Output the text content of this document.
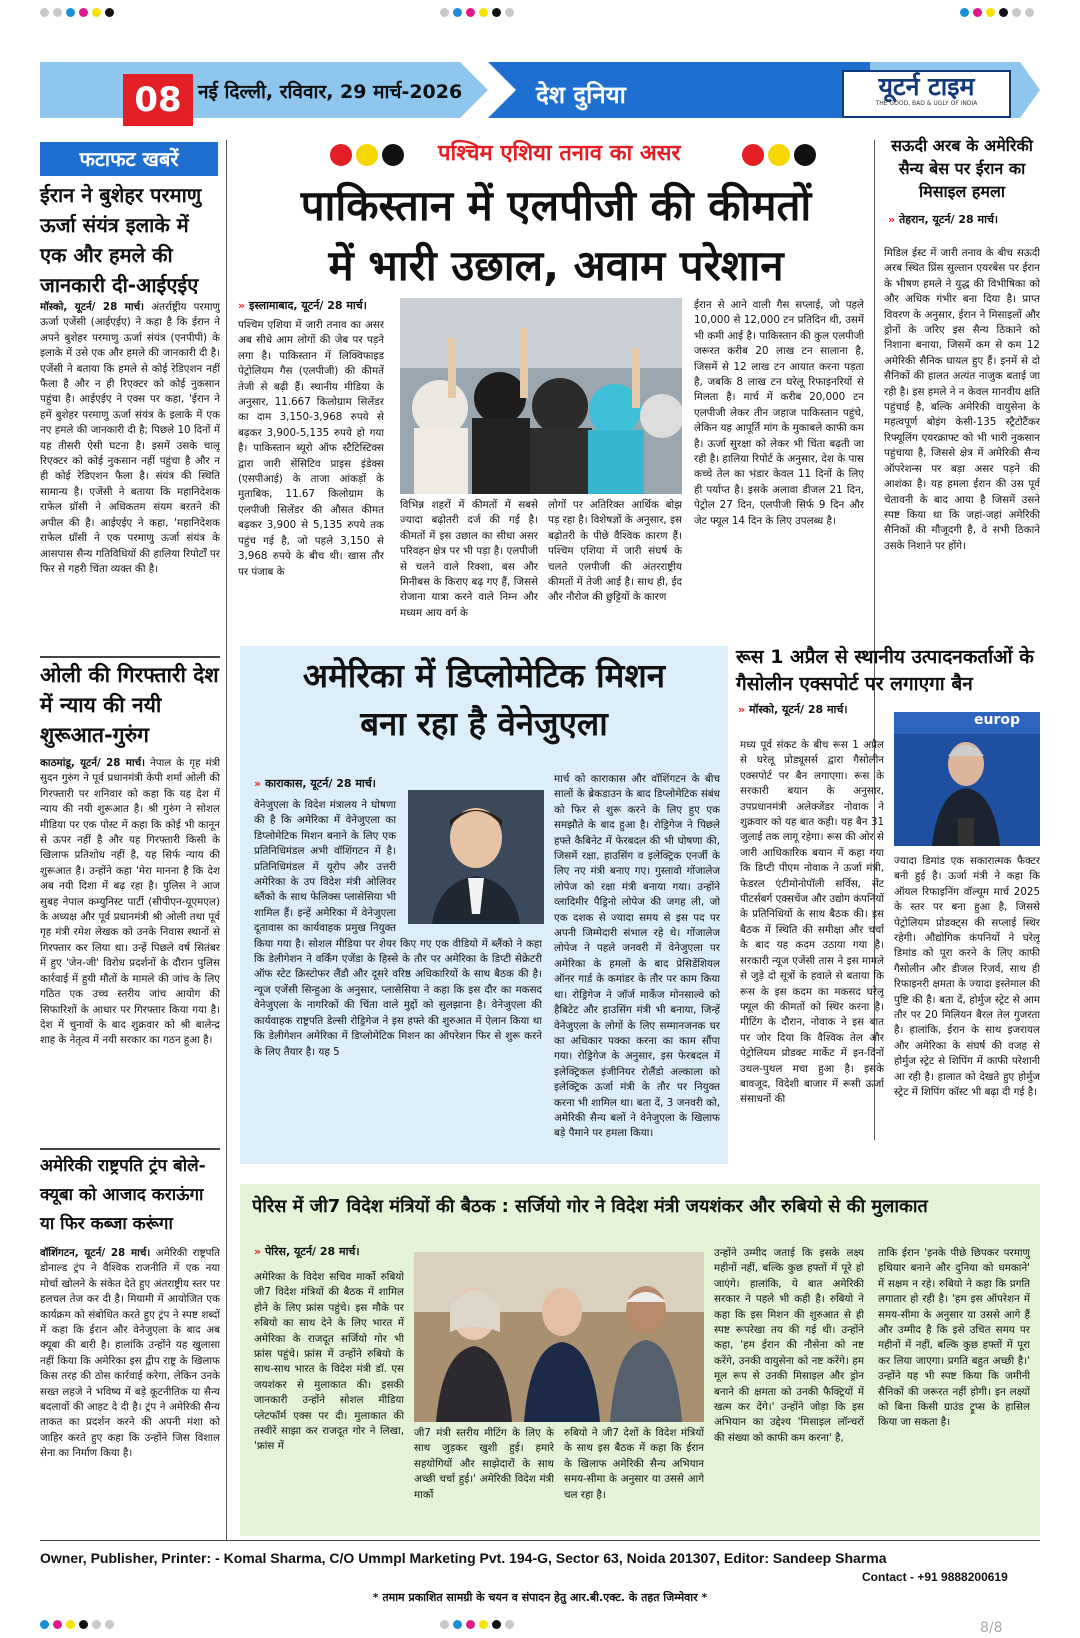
08 नई दिल्ली, रविवार, 29 मार्च-2026	देश दुनिया	यूटर्न टाइम
THE GOOD, BAD & UGLY OF INDIA
फटाफट खबरें
ईरान ने बुशेहर परमाणु ऊर्जा संयंत्र इलाके में एक और हमले की जानकारी दी-आईएईए
मॉस्को, यूटर्न/ 28 मार्च। अंतर्राष्ट्रीय परमाणु ऊर्जा एजेंसी (आईएईए) ने कहा है कि ईरान ने अपने बुशेहर परमाणु ऊर्जा संयंत्र (एनपीपी) के इलाके में उसे एक और हमले की जानकारी दी है। एजेंसी ने बताया कि हमले से कोई रेडिएशन नहीं फैला है और न ही रिएक्टर को कोई नुकसान पहुंचा है। आईएईए ने एक्स पर कहा, 'ईरान ने हमें बुशेहर परमाणु ऊर्जा संयंत्र के इलाके में एक नए हमले की जानकारी दी है; पिछले 10 दिनों में यह तीसरी ऐसी घटना है। इसमें उसके चालू रिएक्टर को कोई नुकसान नहीं पहुंचा है और न ही कोई रेडिएशन फैला है। संयंत्र की स्थिति सामान्य है। एजेंसी ने बताया कि महानिदेशक राफेल ग्रॉसी ने अधिकतम संयम बरतने की अपील की है। आईएईए ने कहा, 'महानिदेशक राफेल ग्रॉसी ने एक परमाणु ऊर्जा संयंत्र के आसपास सैन्य गतिविधियों की हालिया रिपोर्टों पर फिर से गहरी चिंता व्यक्त की है।
ओली की गिरफ्तारी देश में न्याय की नयी शुरूआत-गुरुंग
काठमांडू, यूटर्न/ 28 मार्च। नेपाल के गृह मंत्री सुदन गुरुंग ने पूर्व प्रधानमंत्री केपी शर्मा ओली की गिरफ्तारी पर शनिवार को कहा कि यह देश में न्याय की नयी शुरूआत है। श्री गुरुंग ने सोशल मीडिया पर एक पोस्ट में कहा कि कोई भी कानून से ऊपर नहीं है और यह गिरफ्तारी किसी के खिलाफ प्रतिशोध नहीं है, यह सिर्फ न्याय की शुरूआत है। उन्होंने कहा 'मेरा मानना है कि देश अब नयी दिशा में बढ़ रहा है। पुलिस ने आज सुबह नेपाल कम्युनिस्ट पार्टी (सीपीएन-यूएमएल) के अध्यक्ष और पूर्व प्रधानमंत्री श्री ओली तथा पूर्व गृह मंत्री रमेश लेखक को उनके निवास स्थानों से गिरफ्तार कर लिया था। उन्हें पिछले वर्ष सितंबर में हुए 'जेन-जी' विरोध प्रदर्शनों के दौरान पुलिस कार्रवाई में हुयी मौतों के मामले की जांच के लिए गठित एक उच्च स्तरीय जांच आयोग की सिफारिशों के आधार पर गिरफ्तार किया गया है। देश में चुनावों के बाद शुक्रवार को श्री बालेन्द्र शाह के नेतृत्व में नयी सरकार का गठन हुआ है।
अमेरिकी राष्ट्रपति ट्रंप बोले-क्यूबा को आजाद कराऊंगा या फिर कब्जा करूंगा
वॉशिंगटन, यूटर्न/ 28 मार्च। अमेरिकी राष्ट्रपति डोनाल्ड ट्रंप ने वैश्विक राजनीति में एक नया मोर्चा खोलने के संकेत देते हुए अंतराष्ट्रीय स्तर पर हलचल तेज कर दी है। मियामी में आयोजित एक कार्यक्रम को संबोधित करते हुए ट्रंप ने स्पष्ट शब्दों में कहा कि ईरान और वेनेजुएला के बाद अब क्यूबा की बारी है। हालांकि उन्होंने यह खुलासा नहीं किया कि अमेरिका इस द्वीप राष्ट्र के खिलाफ किस तरह की ठोस कार्रवाई करेगा, लेकिन उनके सख्त लहजे ने भविष्य में बड़े कूटनीतिक या सैन्य बदलावों की आहट दे दी है। ट्रंप ने अमेरिकी सैन्य ताकत का प्रदर्शन करने की अपनी मंशा को जाहिर करते हुए कहा कि उन्होंने जिस विशाल सेना का निर्माण किया है।
पश्चिम एशिया तनाव का असर
पाकिस्तान में एलपीजी की कीमतों
में भारी उछाल, अवाम परेशान
» इस्लामाबाद, यूटर्न/ 28 मार्च।
पश्चिम एशिया में जारी तनाव का असर अब सीधे आम लोगों की जेब पर पड़ने लगा है। पाकिस्तान में लिक्विफाइड पेट्रोलियम गैस (एलपीजी) की कीमतें तेजी से बढ़ी हैं। स्थानीय मीडिया के अनुसार, 11.667 किलोग्राम सिलेंडर का दाम 3,150-3,968 रुपये से बढ़कर 3,900-5,135 रुपये हो गया है। पाकिस्तान ब्यूरो ऑफ स्टैटिस्टिक्स द्वारा जारी सेंसिटिव प्राइस इंडेक्स (एसपीआई) के ताजा आंकड़ों के मुताबिक, 11.67 किलोग्राम के एलपीजी सिलेंडर की औसत कीमत बढ़कर 3,900 से 5,135 रुपये तक पहुंच गई है, जो पहले 3,150 से 3,968 रुपये के बीच थी। खास तौर पर पंजाब के
विभिन्न शहरों में कीमतों में सबसे ज्यादा बढ़ोतरी दर्ज की गई है। कीमतों में इस उछाल का सीधा असर परिवहन क्षेत्र पर भी पड़ा है। एलपीजी से चलने वाले रिक्शा, बस और मिनीबस के किराए बढ़ गए हैं, जिससे रोजाना यात्रा करने वाले निम्न और मध्यम आय वर्ग के
लोगों पर अतिरिक्त आर्थिक बोझ पड़ रहा है। विशेषज्ञों के अनुसार, इस बढ़ोतरी के पीछे वैश्विक कारण हैं। पश्चिम एशिया में जारी संघर्ष के चलते एलपीजी की अंतरराष्ट्रीय कीमतों में तेजी आई है। साथ ही, ईद और नौरोज की छुट्टियों के कारण
ईरान से आने वाली गैस सप्लाई, जो पहले 10,000 से 12,000 टन प्रतिदिन थी, उसमें भी कमी आई है। पाकिस्तान की कुल एलपीजी जरूरत करीब 20 लाख टन सालाना है, जिसमें से 12 लाख टन आयात करना पड़ता है, जबकि 8 लाख टन घरेलू रिफाइनरियों से मिलता है। मार्च में करीब 20,000 टन एलपीजी लेकर तीन जहाज पाकिस्तान पहुंचे, लेकिन यह आपूर्ति मांग के मुकाबले काफी कम है। ऊर्जा सुरक्षा को लेकर भी चिंता बढ़ती जा रही है। हालिया रिपोर्ट के अनुसार, देश के पास कच्चे तेल का भंडार केवल 11 दिनों के लिए ही पर्याप्त है। इसके अलावा डीजल 21 दिन, पेट्रोल 27 दिन, एलपीजी सिर्फ 9 दिन और जेट फ्यूल 14 दिन के लिए उपलब्ध है।
सऊदी अरब के अमेरिकी सैन्य बेस पर ईरान का मिसाइल हमला
» तेहरान, यूटर्न/ 28 मार्च।
मिडिल ईस्ट में जारी तनाव के बीच सऊदी अरब स्थित प्रिंस सुल्तान एयरबेस पर ईरान के भीषण हमले ने युद्ध की विभीषिका को और अधिक गंभीर बना दिया है। प्राप्त विवरण के अनुसार, ईरान ने मिसाइलों और ड्रोनों के जरिए इस सैन्य ठिकाने को निशाना बनाया, जिसमें कम से कम 12 अमेरिकी सैनिक घायल हुए हैं। इनमें से दो सैनिकों की हालत अत्यंत नाजुक बताई जा रही है। इस हमले ने न केवल मानवीय क्षति पहुंचाई है, बल्कि अमेरिकी वायुसेना के महत्वपूर्ण बोइंग केसी-135 स्ट्रैटोटैंकर रिफ्यूलिंग एयरक्राफ्ट को भी भारी नुकसान पहुंचाया है, जिससे क्षेत्र में अमेरिकी सैन्य ऑपरेशन्स पर बड़ा असर पड़ने की आशंका है। यह हमला ईरान की उस पूर्व चेतावनी के बाद आया है जिसमें उसने स्पष्ट किया था कि जहां-जहां अमेरिकी सैनिकों की मौजूदगी है, वे सभी ठिकाने उसके निशाने पर होंगे।
अमेरिका में डिप्लोमेटिक मिशन
बना रहा है वेनेजुएला
» काराकास, यूटर्न/ 28 मार्च।
वेनेजुएला के विदेश मंत्रालय ने घोषणा की है कि अमेरिका में वेनेजुएला का डिप्लोमेटिक मिशन बनाने के लिए एक प्रतिनिधिमंडल अभी वॉशिंगटन में है। प्रतिनिधिमंडल में यूरोप और उत्तरी अमेरिका के उप विदेश मंत्री ओलिवर ब्लैंको के साथ फेलिक्स प्लासेसिया भी शामिल हैं। इन्हें अमेरिका में वेनेजुएला दूतावास का कार्यवाहक प्रमुख नियुक्त किया गया है। सोशल मीडिया पर शेयर किए गए एक वीडियो में ब्लैंको ने कहा कि डेलीगेशन ने वर्किंग एजेंडा के हिस्से के तौर पर अमेरिका के डिप्टी सेक्रेटरी ऑफ स्टेट क्रिस्टोफर लैंडौ और दूसरे वरिष्ठ अधिकारियों के साथ बैठक की है। न्यूज एजेंसी सिन्हुआ के अनुसार, प्लासेसिया ने कहा कि इस दौर का मकसद वेनेजुएला के नागरिकों की चिंता वाले मुद्दों को सुलझाना है। वेनेजुएला की कार्यवाहक राष्ट्रपति डेल्सी रोड्रिगेज ने इस हफ्ते की शुरुआत में ऐलान किया था कि डेलीगेशन अमेरिका में डिप्लोमेटिक मिशन का ऑपरेशन फिर से शुरू करने के लिए तैयार है। यह 5
मार्च को काराकास और वॉशिंगटन के बीच सालों के ब्रेकडाउन के बाद डिप्लोमेटिक संबंध को फिर से शुरू करने के लिए हुए एक समझौते के बाद हुआ है। रोड्रिगेज ने पिछले हफ्ते कैबिनेट में फेरबदल की भी घोषणा की, जिसमें रक्षा, हाउसिंग व इलेक्ट्रिक एनर्जी के लिए नए मंत्री बनाए गए। गुस्तावो गोंजालेज लोपेज को रक्षा मंत्री बनाया गया। उन्होंने व्लादिमीर पैड्रिनो लोपेज की जगह ली, जो एक दशक से ज्यादा समय से इस पद पर अपनी जिम्मेदारी संभाल रहे थे। गोंजालेज लोपेज ने पहले जनवरी में वेनेजुएला पर अमेरिका के हमलों के बाद प्रेसिडेंशियल ऑनर गार्ड के कमांडर के तौर पर काम किया था। रोड्रिगेज ने जॉर्ज मार्केज मोनसाल्वे को हैबिटेट और हाउसिंग मंत्री भी बनाया, जिन्हें वेनेजुएला के लोगों के लिए सम्मानजनक घर का अधिकार पक्का करना का काम सौंपा गया। रोड्रिगेज के अनुसार, इस फेरबदल में इलेक्ट्रिकल इंजीनियर रोलैंडो अल्काला को इलेक्ट्रिक ऊर्जा मंत्री के तौर पर नियुक्त करना भी शामिल था। बता दें, 3 जनवरी को, अमेरिकी सैन्य बलों ने वेनेजुएला के खिलाफ बड़े पैमाने पर हमला किया।
रूस 1 अप्रैल से स्थानीय उत्पादनकर्ताओं के गैसोलीन एक्सपोर्ट पर लगाएगा बैन
» मॉस्को, यूटर्न/ 28 मार्च।
europ
मध्य पूर्व संकट के बीच रूस 1 अप्रैल से घरेलू प्रोड्यूसर्स द्वारा गैसोलीन एक्सपोर्ट पर बैन लगाएगा। रूस के सरकारी बयान के अनुसार, उपप्रधानमंत्री अलेक्जेंडर नोवाक ने शुक्रवार को यह बात कही। यह बैन 31 जुलाई तक लागू रहेगा। रूस की ओर से जारी आधिकारिक बयान में कहा गया कि डिप्टी पीएम नोवाक ने ऊर्जा मंत्री, फेडरल एंटीमोनोपॉली सर्विस, सेंट पीटर्सबर्ग एक्सचेंज और उद्योग कंपनियों के प्रतिनिधियों के साथ बैठक की। इस बैठक में स्थिति की समीक्षा और चर्चा के बाद यह कदम उठाया गया है। सरकारी न्यूज एजेंसी तास ने इस मामले से जुड़े दो सूत्रों के हवाले से बताया कि रूस के इस कदम का मकसद घरेलू फ्यूल की कीमतों को स्थिर करना है। मीटिंग के दौरान, नोवाक ने इस बात पर जोर दिया कि वैश्विक तेल और पेट्रोलियम प्रोडक्ट मार्केट में इन-दिनों उथल-पुथल मचा हुआ है। इसके बावजूद, विदेशी बाजार में रूसी ऊर्जा संसाधनों की
ज्यादा डिमांड एक सकारात्मक फैक्टर बनी हुई है। ऊर्जा मंत्री ने कहा कि ऑयल रिफाइनिंग वॉल्यूम मार्च 2025 के स्तर पर बना हुआ है, जिससे पेट्रोलियम प्रोडक्ट्स की सप्लाई स्थिर रहेगी। औद्योगिक कंपनियों ने घरेलू डिमांड को पूरा करने के लिए काफी गैसोलीन और डीजल रिजर्व, साथ ही रिफाइनरी क्षमता के ज्यादा इस्तेमाल की पुष्टि की है। बता दें, होर्मुज स्ट्रेट से आम तौर पर 20 मिलियन बैरल तेल गुजरता है। हालांकि, ईरान के साथ इजरायल और अमेरिका के संघर्ष की वजह से होर्मुज स्ट्रेट से शिपिंग में काफी परेशानी आ रही है। हालात को देखते हुए होर्मुज स्ट्रेट में शिपिंग कॉस्ट भी बढ़ा दी गई है।
पेरिस में जी7 विदेश मंत्रियों की बैठक : सर्जियो गोर ने विदेश मंत्री जयशंकर और रुबियो से की मुलाकात
» पेरिस, यूटर्न/ 28 मार्च।
अमेरिका के विदेश सचिव मार्को रुबियो जी7 विदेश मंत्रियों की बैठक में शामिल होने के लिए फ्रांस पहुंचे। इस मौके पर रुबियो का साथ देने के लिए भारत में अमेरिका के राजदूत सर्जियो गोर भी फ्रांस पहुंचे। फ्रांस में उन्होंने रुबियो के साथ-साथ भारत के विदेश मंत्री डॉ. एस जयशंकर से मुलाकात की। इसकी जानकारी उन्होंने सोशल मीडिया प्लेटफॉर्म एक्स पर दी। मुलाकात की तस्वीरें साझा कर राजदूत गोर ने लिखा, 'फ्रांस में
जी7 मंत्री स्तरीय मीटिंग के लिए के साथ जुड़कर खुशी हुई। हमारे सहयोगियों और साझेदारों के साथ अच्छी चर्चा हुई।' अमेरिकी विदेश मंत्री मार्को
रुबियो ने जी7 देशों के विदेश मंत्रियों के साथ इस बैठक में कहा कि ईरान के खिलाफ अमेरिकी सैन्य अभियान समय-सीमा के अनुसार या उससे आगे चल रहा है।
उन्होंने उम्मीद जताई कि इसके लक्ष्य महीनों नहीं, बल्कि कुछ हफ्तों में पूरे हो जाएंगे। हालांकि, ये बात अमेरिकी सरकार ने पहले भी कही है। रुबियो ने कहा कि इस मिशन की शुरुआत से ही स्पष्ट रूपरेखा तय की गई थी। उन्होंने कहा, 'हम ईरान की नौसेना को नष्ट करेंगे, उनकी वायुसेना को नष्ट करेंगे। हम मूल रूप से उनकी मिसाइल और ड्रोन बनाने की क्षमता को उनकी फैक्ट्रियों में खत्म कर देंगे।' उन्होंने जोड़ा कि इस अभियान का उद्देश्य 'मिसाइल लॉन्चरों की संख्या को काफी कम करना' है,
ताकि ईरान 'इनके पीछे छिपकर परमाणु हथियार बनाने और दुनिया को धमकाने' में सक्षम न रहे। रुबियो ने कहा कि प्रगति लगातार हो रही है। 'हम इस ऑपरेशन में समय-सीमा के अनुसार या उससे आगे हैं और उम्मीद है कि इसे उचित समय पर महीनों में नहीं, बल्कि कुछ हफ्तों में पूरा कर लिया जाएगा। प्रगति बहुत अच्छी है।' उन्होंने यह भी स्पष्ट किया कि जमीनी सैनिकों की जरूरत नहीं होगी। इन लक्ष्यों को बिना किसी ग्राउंड ट्रूप्स के हासिल किया जा सकता है।
Owner, Publisher, Printer: - Komal Sharma, C/O Ummpl Marketing Pvt. 194-G, Sector 63, Noida 201307, Editor: Sandeep Sharma
Contact - +91 9888200619
* तमाम प्रकाशित सामग्री के चयन व संपादन हेतु आर.बी.एक्ट. के तहत जिम्मेवार *
8/8
